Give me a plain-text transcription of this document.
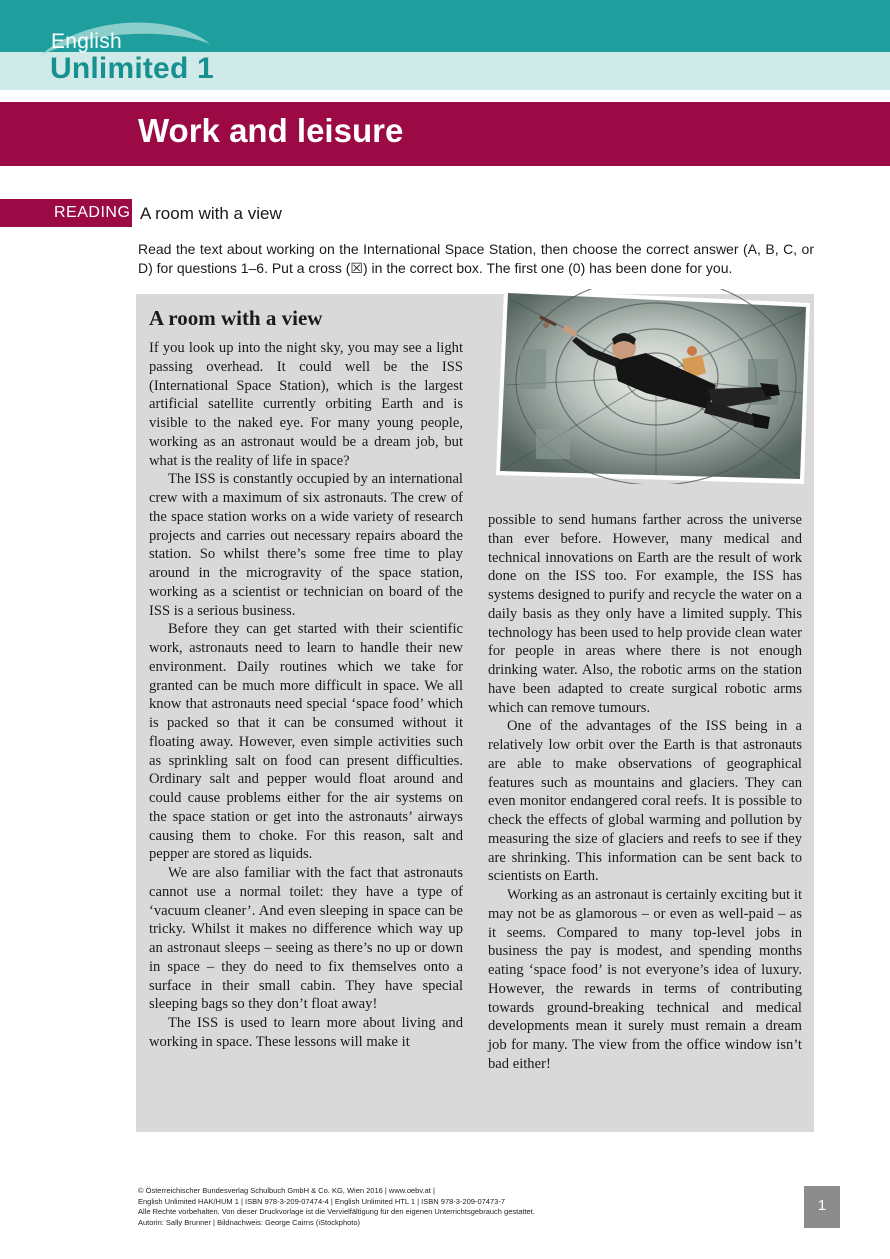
English
Unlimited 1
Work and leisure
READING A room with a view

Read the text about working on the International Space Station, then choose the correct answer (A, B, C, or D) for questions 1–6. Put a cross (☒) in the correct box. The first one (0) has been done for you.

A room with a view

If you look up into the night sky, you may see a light passing overhead. It could well be the ISS (International Space Station), which is the largest artificial satellite currently orbiting Earth and is visible to the naked eye. For many young people, working as an astronaut would be a dream job, but what is the reality of life in space?

The ISS is constantly occupied by an international crew with a maximum of six astronauts. The crew of the space station works on a wide variety of research projects and carries out necessary repairs aboard the station. So whilst there’s some free time to play around in the microgravity of the space station, working as a scientist or technician on board of the ISS is a serious business.

Before they can get started with their scientific work, astronauts need to learn to handle their new environment. Daily routines which we take for granted can be much more difficult in space. We all know that astronauts need special ‘space food’ which is packed so that it can be consumed without it floating away. However, even simple activities such as sprinkling salt on food can present difficulties. Ordinary salt and pepper would float around and could cause problems either for the air systems on the space station or get into the astronauts’ airways causing them to choke. For this reason, salt and pepper are stored as liquids.

We are also familiar with the fact that astronauts cannot use a normal toilet: they have a type of ‘vacuum cleaner’. And even sleeping in space can be tricky. Whilst it makes no difference which way up an astronaut sleeps – seeing as there’s no up or down in space – they do need to fix themselves onto a surface in their small cabin. They have special sleeping bags so they don’t float away!

The ISS is used to learn more about living and working in space. These lessons will make it

possible to send humans farther across the universe than ever before. However, many medical and technical innovations on Earth are the result of work done on the ISS too. For example, the ISS has systems designed to purify and recycle the water on a daily basis as they only have a limited supply. This technology has been used to help provide clean water for people in areas where there is not enough drinking water. Also, the robotic arms on the station have been adapted to create surgical robotic arms which can remove tumours.

One of the advantages of the ISS being in a relatively low orbit over the Earth is that astronauts are able to make observations of geographical features such as mountains and glaciers. They can even monitor endangered coral reefs. It is possible to check the effects of global warming and pollution by measuring the size of glaciers and reefs to see if they are shrinking. This information can be sent back to scientists on Earth.

Working as an astronaut is certainly exciting but it may not be as glamorous – or even as well-paid – as it seems. Compared to many top-level jobs in business the pay is modest, and spending months eating ‘space food’ is not everyone’s idea of luxury. However, the rewards in terms of contributing towards ground-breaking technical and medical developments mean it surely must remain a dream job for many. The view from the office window isn’t bad either!

© Österreichischer Bundesverlag Schulbuch GmbH & Co. KG, Wien 2016 | www.oebv.at |
English Unlimited HAK/HUM 1 | ISBN 978-3-209-07474-4 | English Unlimited HTL 1 | ISBN 978-3-209-07473-7
Alle Rechte vorbehalten. Von dieser Druckvorlage ist die Vervielfältigung für den eigenen Unterrichtsgebrauch gestattet.
Autorin: Sally Brunner | Bildnachweis: George Cairns (iStockphoto)
1
